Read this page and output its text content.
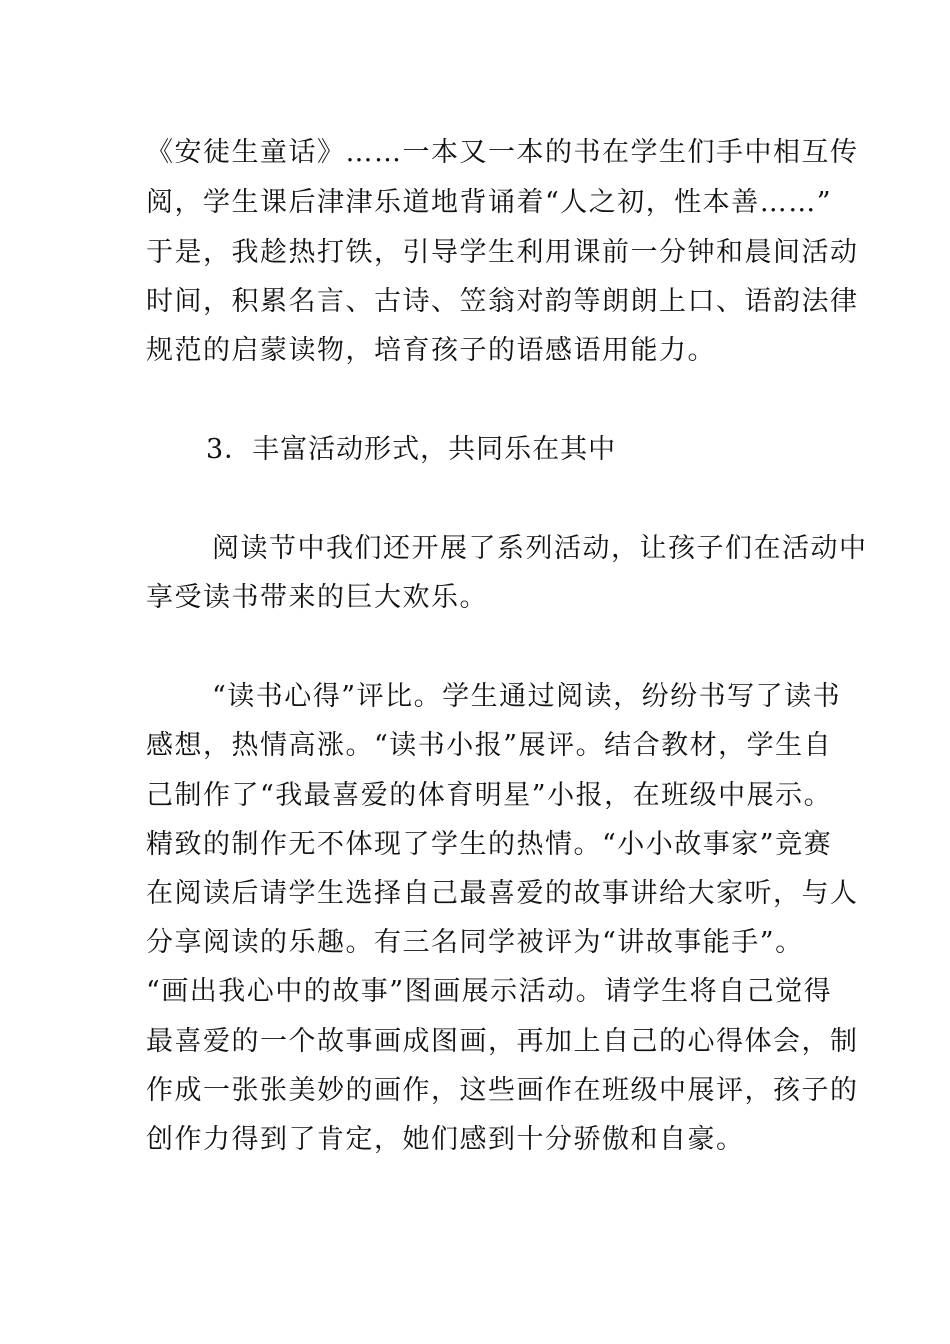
《安徒生童话》……一本又一本的书在学生们手中相互传
阅，学生课后津津乐道地背诵着“人之初，性本善……”
于是，我趁热打铁，引导学生利用课前一分钟和晨间活动
时间，积累名言、古诗、笠翁对韵等朗朗上口、语韵法律
规范的启蒙读物，培育孩子的语感语用能力。
3．丰富活动形式，共同乐在其中
阅读节中我们还开展了系列活动，让孩子们在活动中
享受读书带来的巨大欢乐。
“读书心得”评比。学生通过阅读，纷纷书写了读书
感想，热情高涨。“读书小报”展评。结合教材，学生自
己制作了“我最喜爱的体育明星”小报，在班级中展示。
精致的制作无不体现了学生的热情。“小小故事家”竞赛
在阅读后请学生选择自己最喜爱的故事讲给大家听，与人
分享阅读的乐趣。有三名同学被评为“讲故事能手”。
“画出我心中的故事”图画展示活动。请学生将自己觉得
最喜爱的一个故事画成图画，再加上自己的心得体会，制
作成一张张美妙的画作，这些画作在班级中展评，孩子的
创作力得到了肯定，她们感到十分骄傲和自豪。
